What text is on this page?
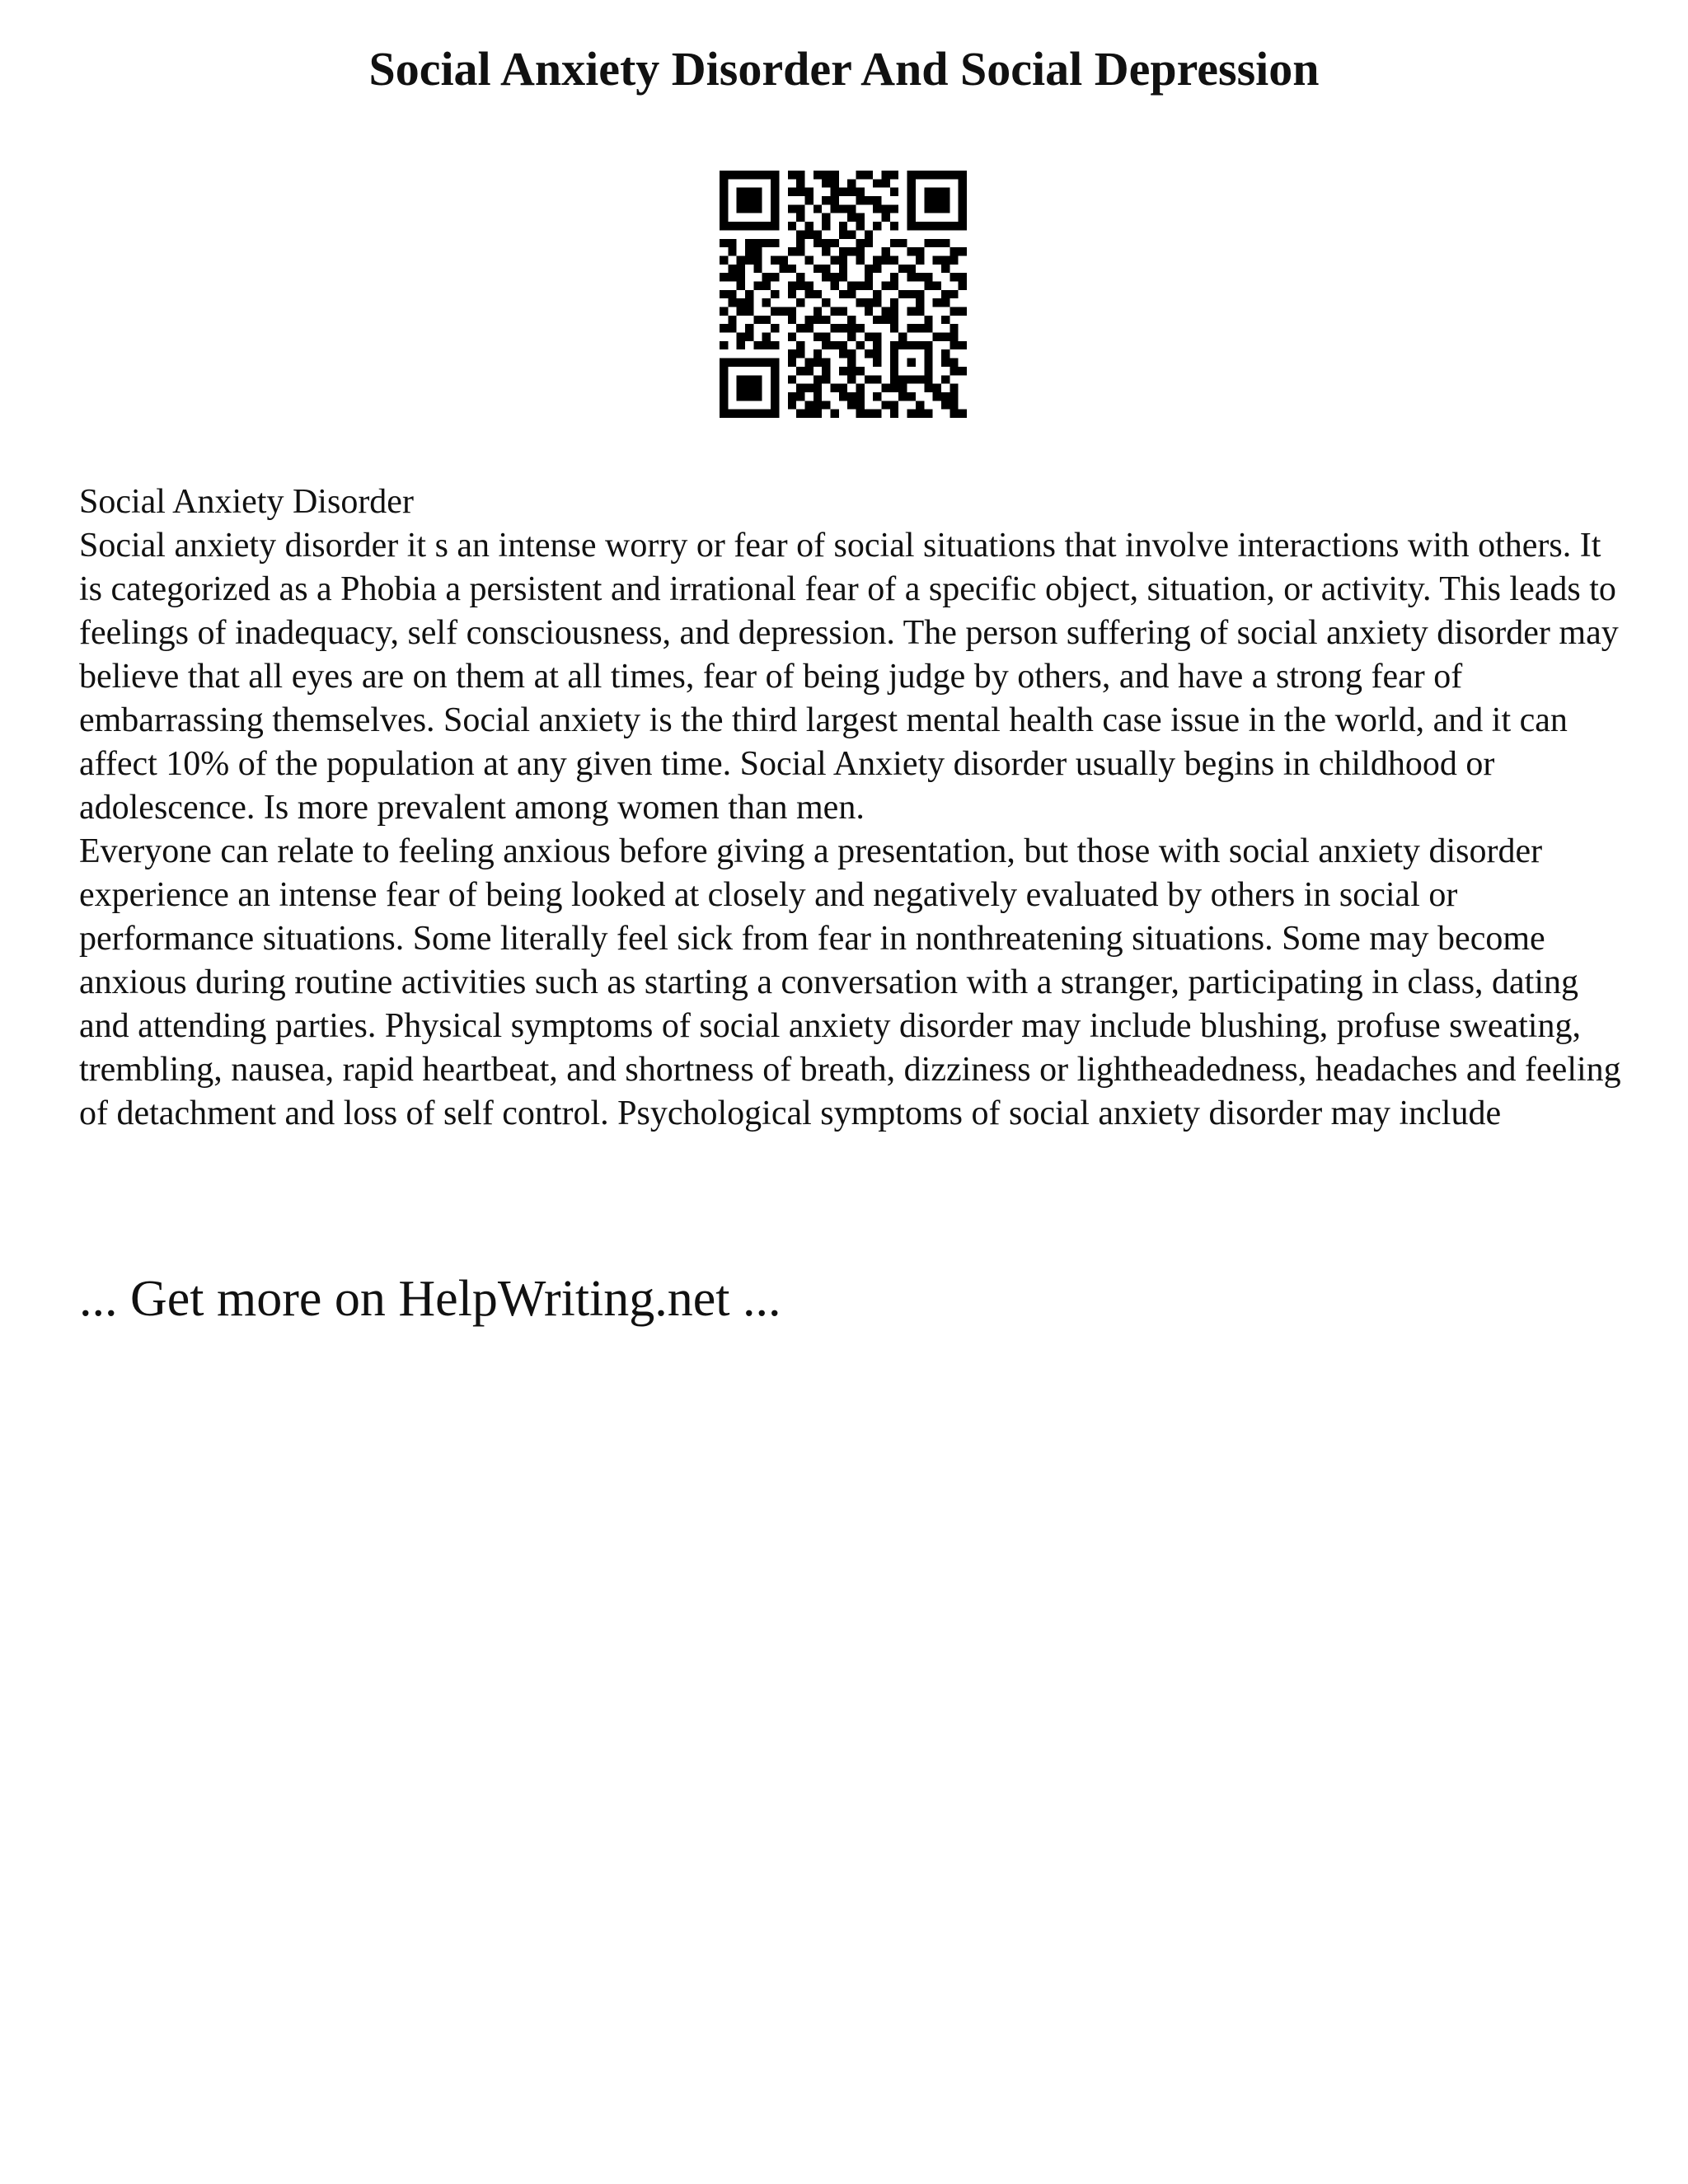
Social Anxiety Disorder And Social Depression

Social Anxiety Disorder

Social anxiety disorder it s an intense worry or fear of social situations that involve interactions with others. It is categorized as a Phobia a persistent and irrational fear of a specific object, situation, or activity. This leads to feelings of inadequacy, self consciousness, and depression. The person suffering of social anxiety disorder may believe that all eyes are on them at all times, fear of being judge by others, and have a strong fear of embarrassing themselves. Social anxiety is the third largest mental health case issue in the world, and it can affect 10% of the population at any given time. Social Anxiety disorder usually begins in childhood or adolescence. Is more prevalent among women than men.

Everyone can relate to feeling anxious before giving a presentation, but those with social anxiety disorder experience an intense fear of being looked at closely and negatively evaluated by others in social or performance situations. Some literally feel sick from fear in nonthreatening situations. Some may become anxious during routine activities such as starting a conversation with a stranger, participating in class, dating and attending parties. Physical symptoms of social anxiety disorder may include blushing, profuse sweating, trembling, nausea, rapid heartbeat, and shortness of breath, dizziness or lightheadedness, headaches and feeling of detachment and loss of self control. Psychological symptoms of social anxiety disorder may include

... Get more on HelpWriting.net ...
